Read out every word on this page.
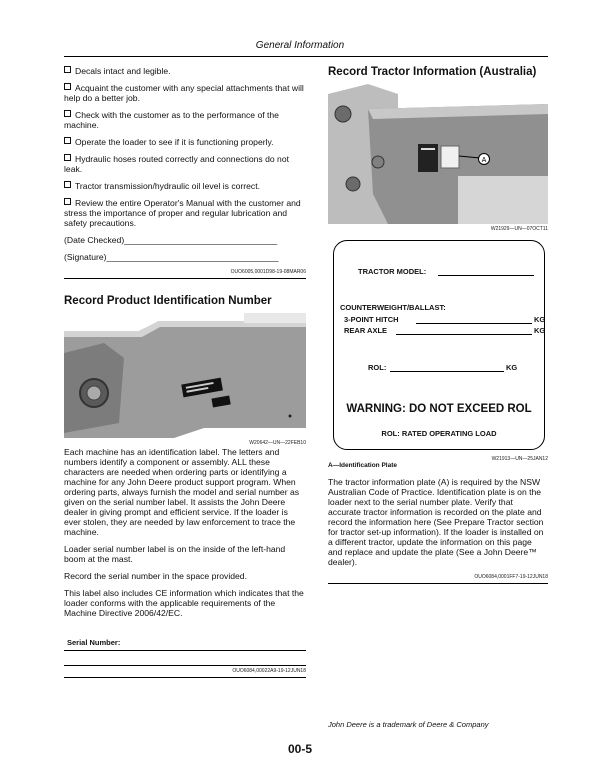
General Information

Decals intact and legible.

Acquaint the customer with any special attachments that will help do a better job.

Check with the customer as to the performance of the machine.

Operate the loader to see if it is functioning properly.

Hydraulic hoses routed correctly and connections do not leak.

Tractor transmission/hydraulic oil level is correct.

Review the entire Operator's Manual with the customer and stress the importance of proper and regular lubrication and safety precautions.

(Date Checked)________________________________
(Signature)____________________________________
OUO6005,0001D98-19-08MAR06
Record Product Identification Number
W20642—UN—22FEB10

Each machine has an identification label. The letters and numbers identify a component or assembly. ALL these characters are needed when ordering parts or identifying a machine for any John Deere product support program. When ordering parts, always furnish the model and serial number as given on the serial number label. It assists the John Deere dealer in giving prompt and efficient service. If the loader is ever stolen, they are needed by law enforcement to trace the machine.

Loader serial number label is on the inside of the left-hand boom at the mast.

Record the serial number in the space provided.

This label also includes CE information which indicates that the loader conforms with the applicable requirements of the Machine Directive 2006/42/EC.

Serial Number:
OUO6084,00022A9-19-12JUN18
Record Tractor Information (Australia)
A
W21929—UN—07OCT11
TRACTOR MODEL:
COUNTERWEIGHT/BALLAST:
3-POINT HITCH	KG
REAR AXLE	KG
ROL:	KG
WARNING: DO NOT EXCEED ROL
ROL: RATED OPERATING LOAD
W21913—UN—25JAN12
A—Identification Plate

The tractor information plate (A) is required by the NSW Australian Code of Practice. Identification plate is on the loader next to the serial number plate. Verify that accurate tractor information is recorded on the plate and record the information here (See Prepare Tractor section for tractor set-up information). If the loader is installed on a different tractor, update the information on this page and replace and update the plate (See a John Deere™ dealer).

OUO6084,0001FF7-19-12JUN18
John Deere is a trademark of Deere & Company
00-5
